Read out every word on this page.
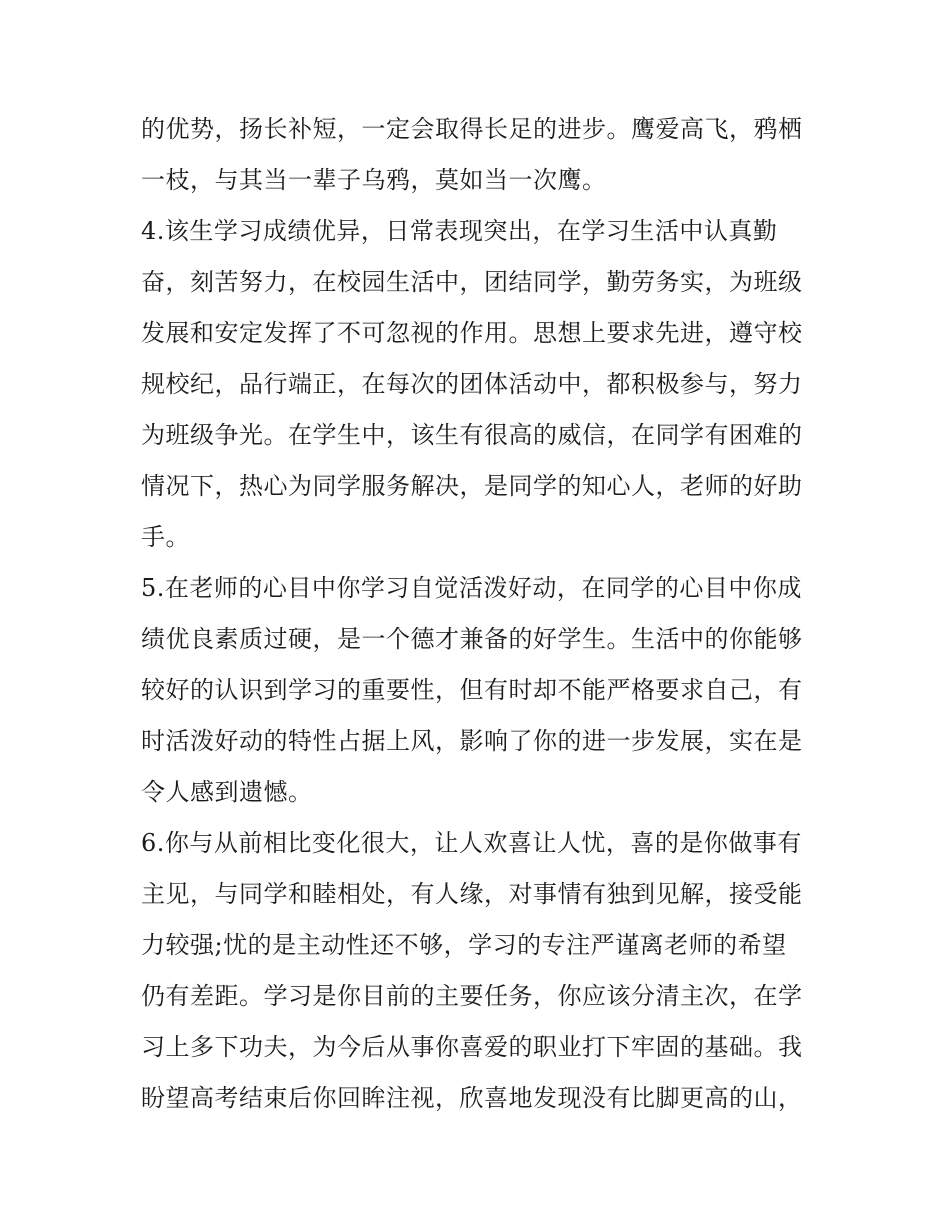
的优势，扬长补短，一定会取得长足的进步。鹰爱高飞，鸦栖
一枝，与其当一辈子乌鸦，莫如当一次鹰。
4.该生学习成绩优异，日常表现突出，在学习生活中认真勤
奋，刻苦努力，在校园生活中，团结同学，勤劳务实，为班级
发展和安定发挥了不可忽视的作用。思想上要求先进，遵守校
规校纪，品行端正，在每次的团体活动中，都积极参与，努力
为班级争光。在学生中，该生有很高的威信，在同学有困难的
情况下，热心为同学服务解决，是同学的知心人，老师的好助
手。
5.在老师的心目中你学习自觉活泼好动，在同学的心目中你成
绩优良素质过硬，是一个德才兼备的好学生。生活中的你能够
较好的认识到学习的重要性，但有时却不能严格要求自己，有
时活泼好动的特性占据上风，影响了你的进一步发展，实在是
令人感到遗憾。
6.你与从前相比变化很大，让人欢喜让人忧，喜的是你做事有
主见，与同学和睦相处，有人缘，对事情有独到见解，接受能
力较强;忧的是主动性还不够，学习的专注严谨离老师的希望
仍有差距。学习是你目前的主要任务，你应该分清主次，在学
习上多下功夫，为今后从事你喜爱的职业打下牢固的基础。我
盼望高考结束后你回眸注视，欣喜地发现没有比脚更高的山，
